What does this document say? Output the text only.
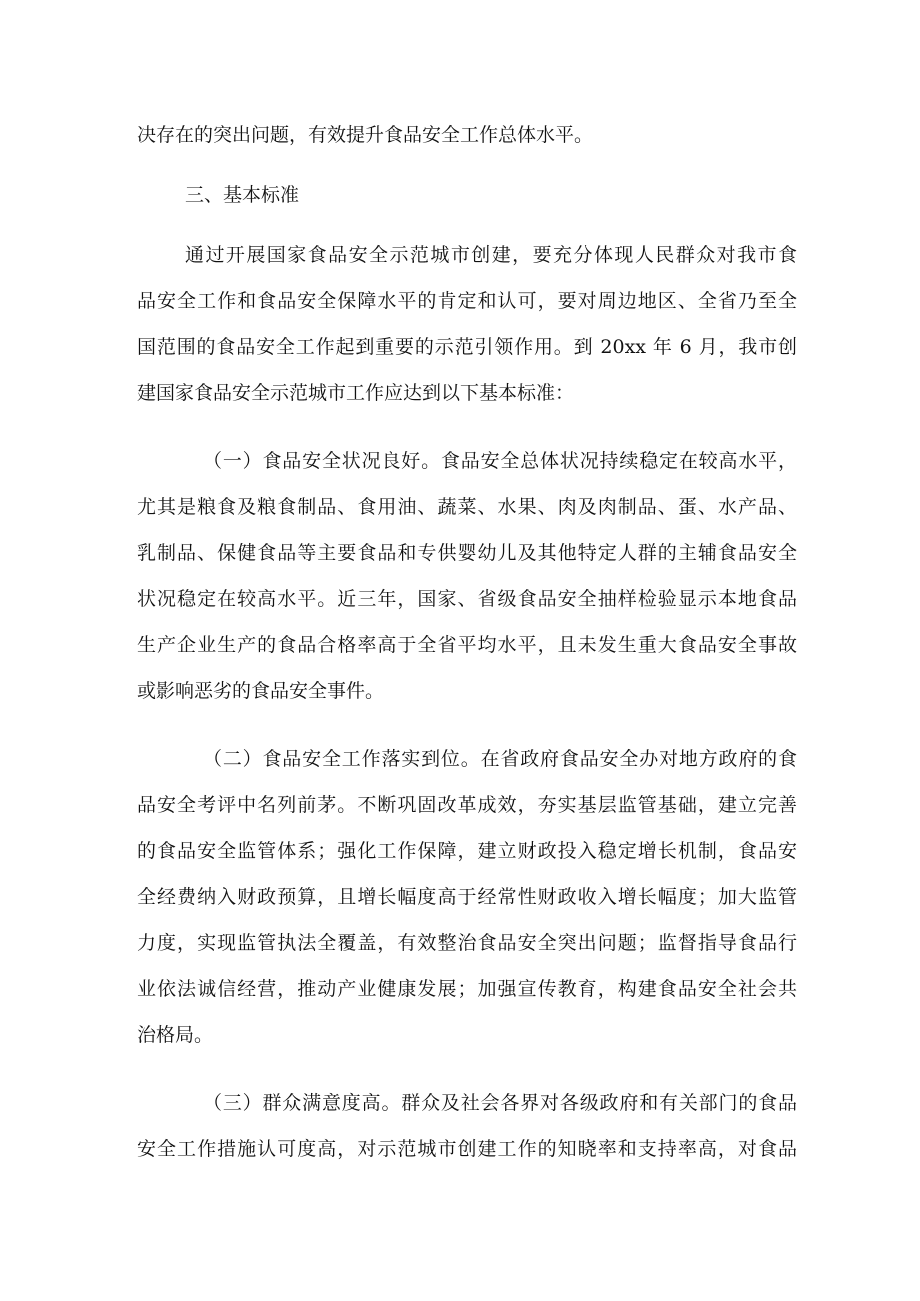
决存在的突出问题，有效提升食品安全工作总体水平。
三、基本标准
通过开展国家食品安全示范城市创建，要充分体现人民群众对我市食
品安全工作和食品安全保障水平的肯定和认可，要对周边地区、全省乃至全
国范围的食品安全工作起到重要的示范引领作用。到 20xx 年 6 月，我市创
建国家食品安全示范城市工作应达到以下基本标准：
（一）食品安全状况良好。食品安全总体状况持续稳定在较高水平，
尤其是粮食及粮食制品、食用油、蔬菜、水果、肉及肉制品、蛋、水产品、
乳制品、保健食品等主要食品和专供婴幼儿及其他特定人群的主辅食品安全
状况稳定在较高水平。近三年，国家、省级食品安全抽样检验显示本地食品
生产企业生产的食品合格率高于全省平均水平，且未发生重大食品安全事故
或影响恶劣的食品安全事件。
（二）食品安全工作落实到位。在省政府食品安全办对地方政府的食
品安全考评中名列前茅。不断巩固改革成效，夯实基层监管基础，建立完善
的食品安全监管体系；强化工作保障，建立财政投入稳定增长机制，食品安
全经费纳入财政预算，且增长幅度高于经常性财政收入增长幅度；加大监管
力度，实现监管执法全覆盖，有效整治食品安全突出问题；监督指导食品行
业依法诚信经营，推动产业健康发展；加强宣传教育，构建食品安全社会共
治格局。
（三）群众满意度高。群众及社会各界对各级政府和有关部门的食品
安全工作措施认可度高，对示范城市创建工作的知晓率和支持率高，对食品
